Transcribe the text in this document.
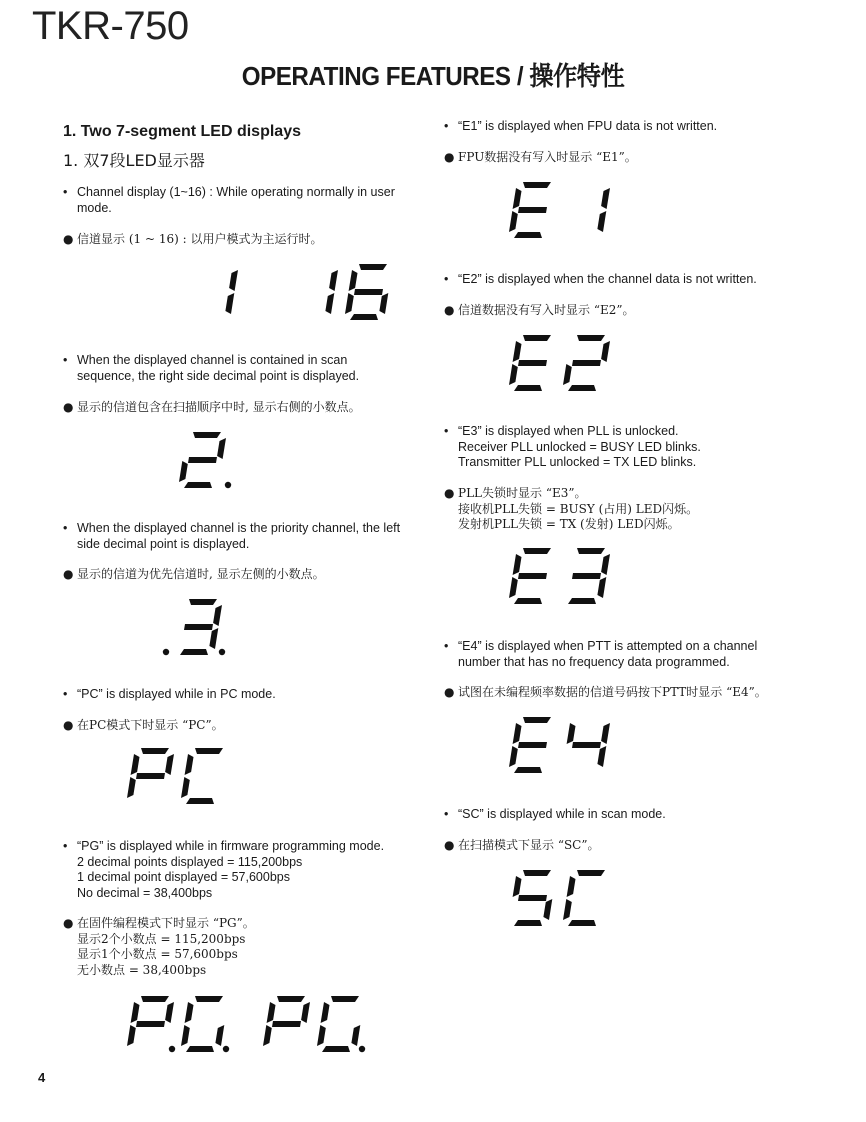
TKR-750
OPERATING FEATURES / 操作特性
1. Two 7-segment LED displays
1. 双7段LED显示器
• Channel display (1~16) : While operating normally in user mode.
● 信道显示 (1 ~ 16) : 以用户模式为主运行时。
• When the displayed channel is contained in scan sequence, the right side decimal point is displayed.
● 显示的信道包含在扫描顺序中时, 显示右侧的小数点。
• When the displayed channel is the priority channel, the left side decimal point is displayed.
● 显示的信道为优先信道时, 显示左侧的小数点。
• “PC” is displayed while in PC mode.
● 在PC模式下时显示 “PC”。
• “PG” is displayed while in firmware programming mode.
2 decimal points displayed = 115,200bps
1 decimal point displayed = 57,600bps
No decimal = 38,400bps
● 在固件编程模式下时显示 “PG”。
显示2个小数点 = 115,200bps
显示1个小数点 = 57,600bps
无小数点 = 38,400bps
4
• “E1” is displayed when FPU data is not written.
● FPU数据没有写入时显示 “E1”。
• “E2” is displayed when the channel data is not written.
● 信道数据没有写入时显示 “E2”。
• “E3” is displayed when PLL is unlocked.
Receiver PLL unlocked = BUSY LED blinks.
Transmitter PLL unlocked = TX LED blinks.
● PLL失锁时显示 “E3”。
接收机PLL失锁 = BUSY (占用) LED闪烁。
发射机PLL失锁 = TX (发射) LED闪烁。
• “E4” is displayed when PTT is attempted on a channel
number that has no frequency data programmed.
● 试图在未编程频率数据的信道号码按下PTT时显示 “E4”。
• “SC” is displayed while in scan mode.
● 在扫描模式下显示 “SC”。
